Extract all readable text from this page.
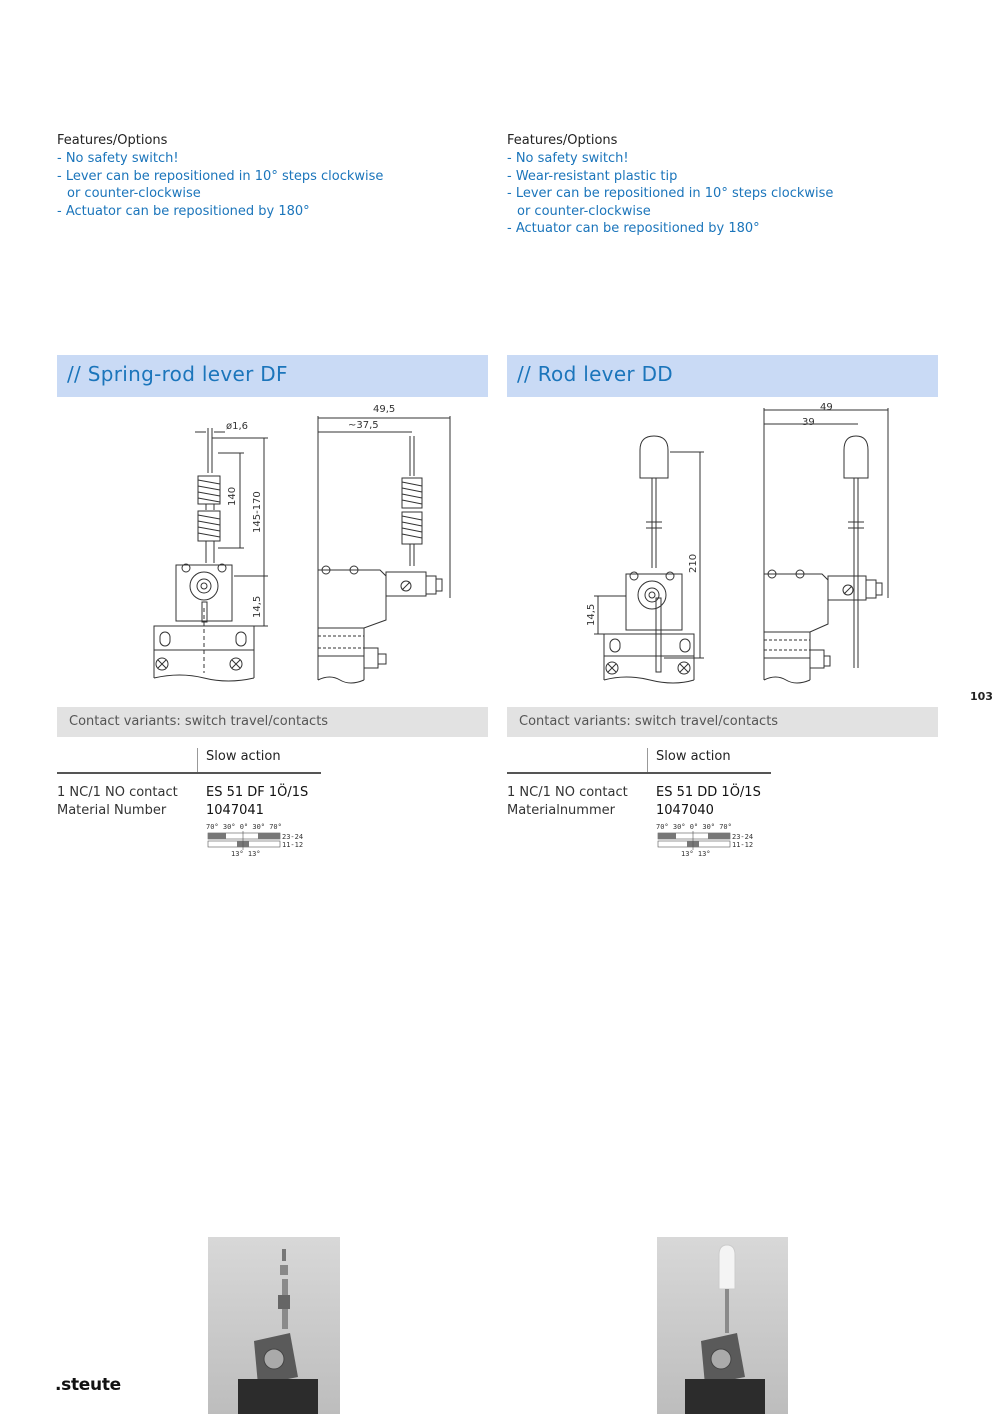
Features/Options
- No safety switch!
- Lever can be repositioned in 10° steps clockwise or counter-clockwise
- Actuator can be repositioned by 180°
Features/Options
- No safety switch!
- Wear-resistant plastic tip
- Lever can be repositioned in 10° steps clockwise or counter-clockwise
- Actuator can be repositioned by 180°
// Spring-rod lever DF	// Rod lever DD
ø1,6
140 145-170
14,5
49,5
~37,5
210
14,5
49
39
103
Contact variants: switch travel/contacts	Contact variants: switch travel/contacts
Slow action
1 NC/1 NO contact
Material Number
ES 51 DF 1Ö/1S
1047041
70° 30° 0° 30° 70°
23-24
11-12
13° 13°
Slow action
1 NC/1 NO contact
Materialnummer
ES 51 DD 1Ö/1S
1047040
70° 30° 0° 30° 70°
23-24
11-12
13° 13°
.steute
